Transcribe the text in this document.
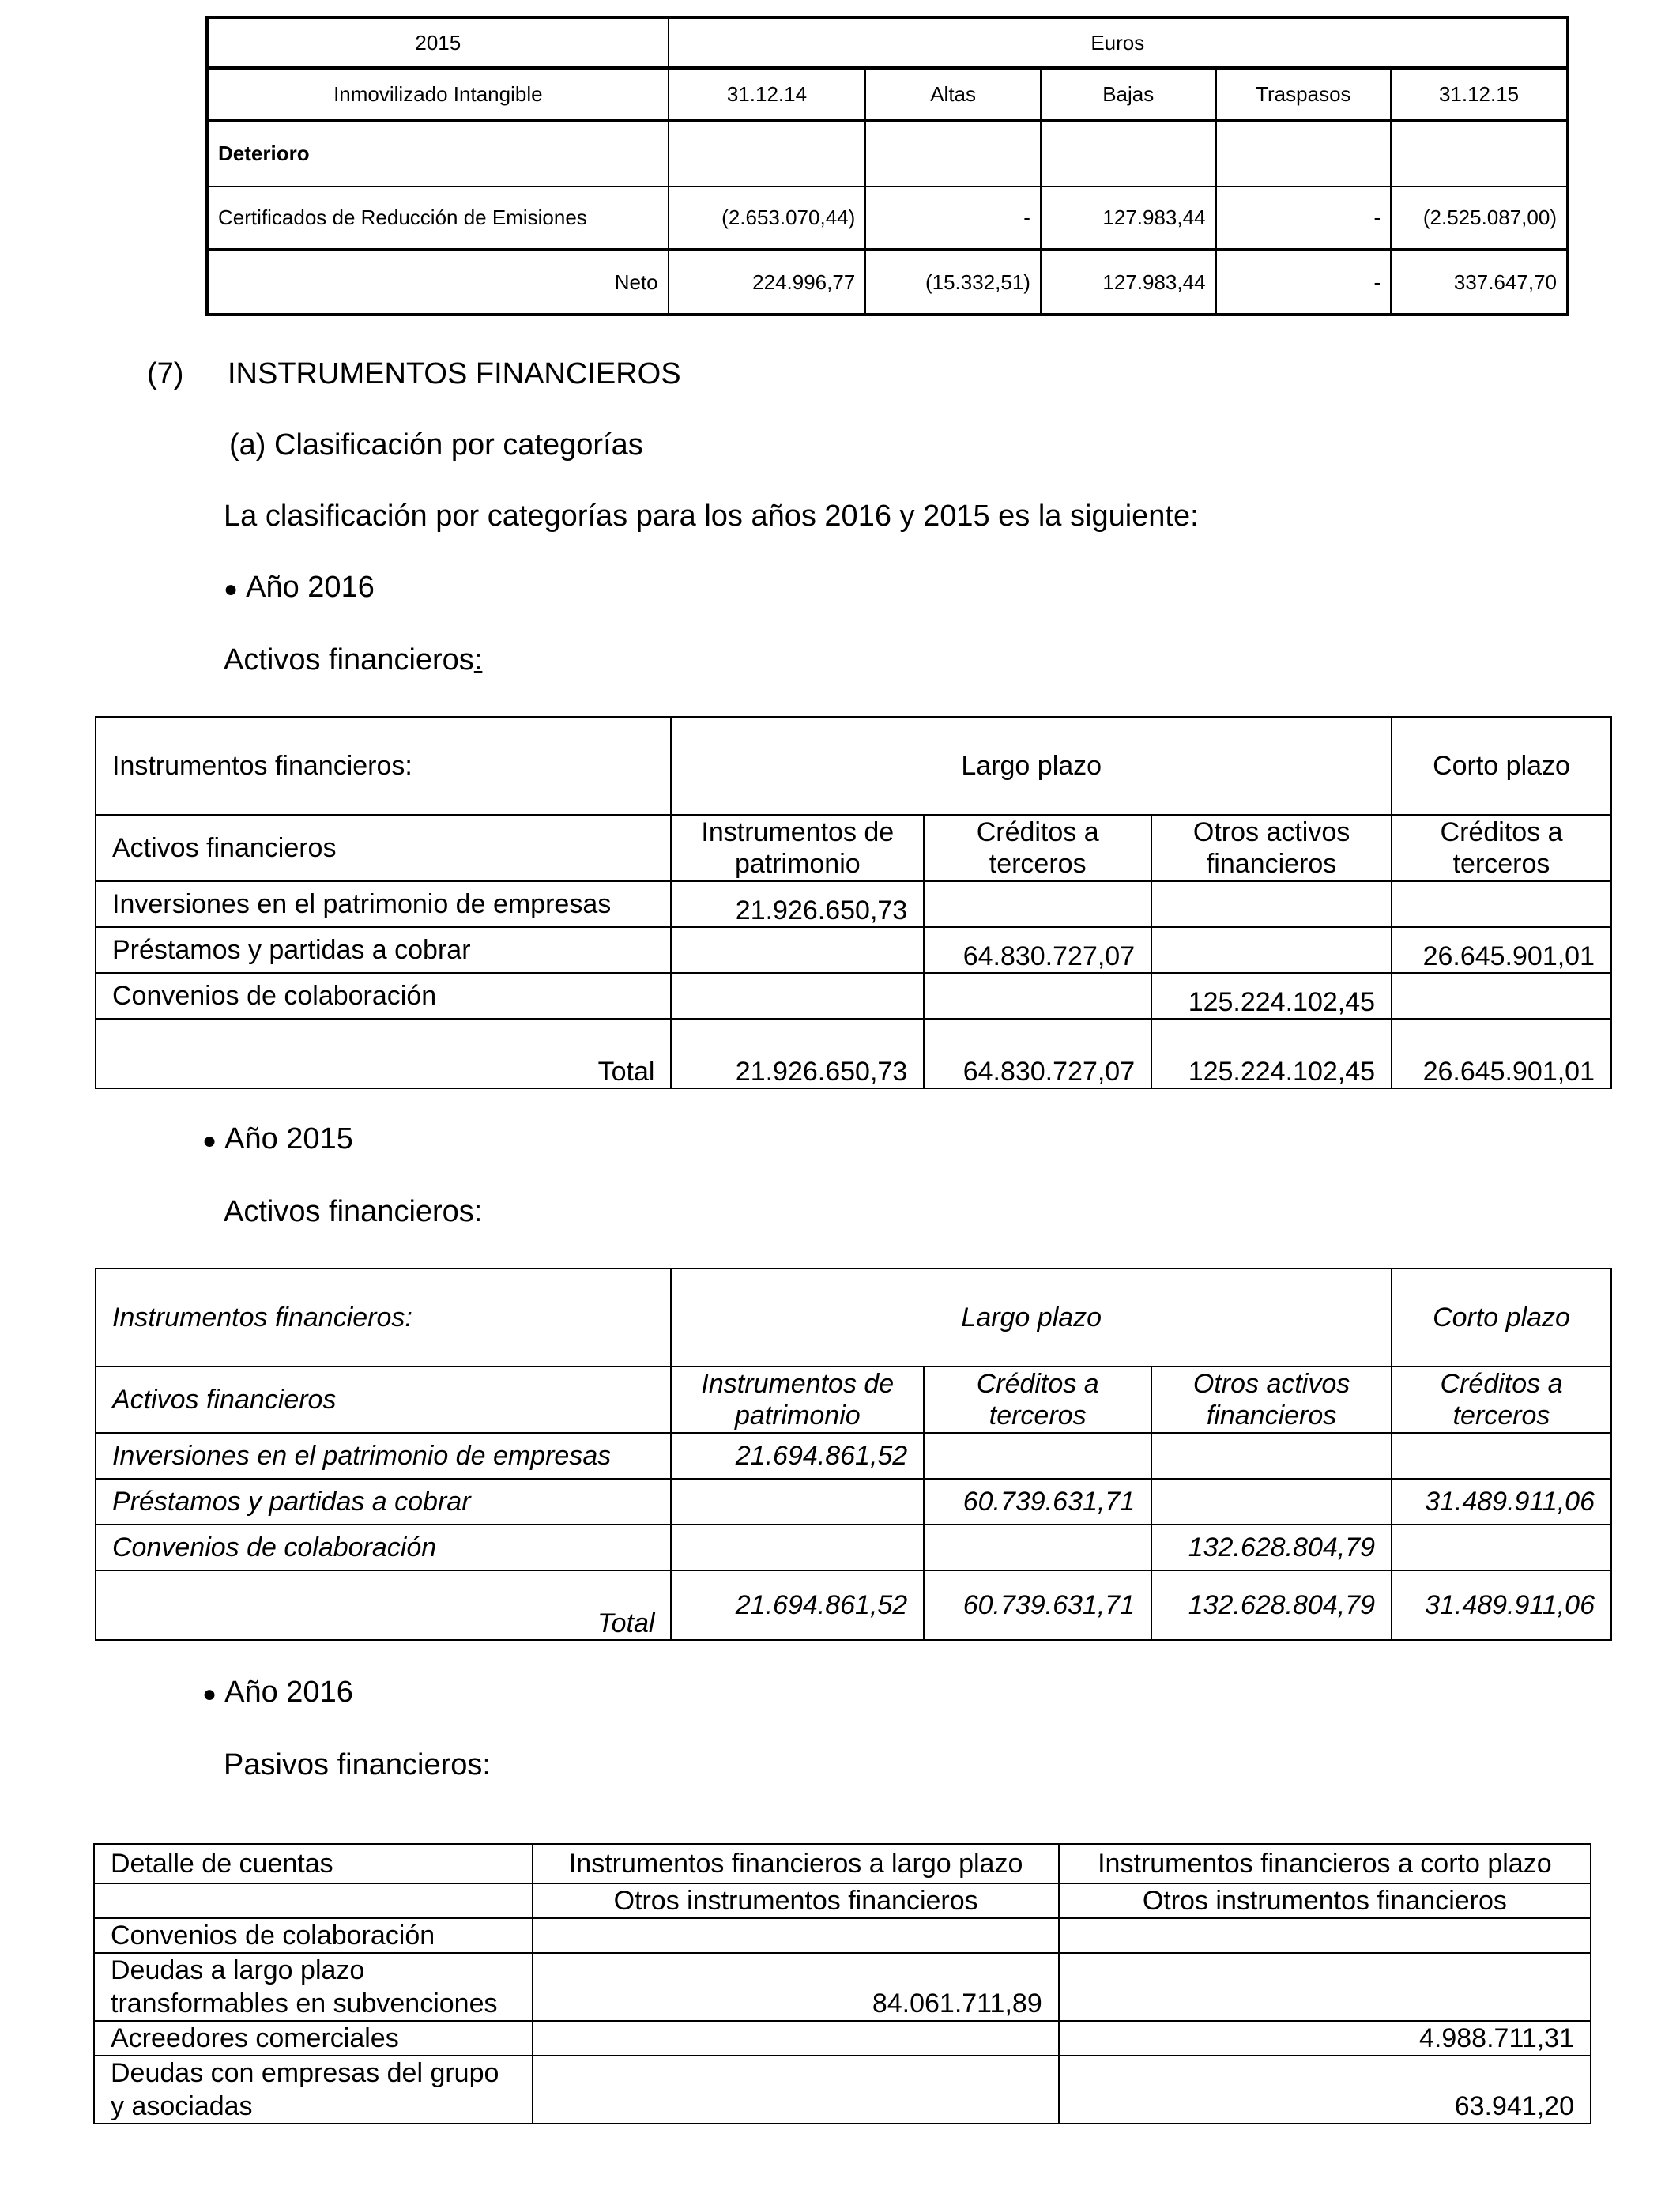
2015	Euros				
Inmovilizado Intangible	31.12.14	Altas	Bajas	Traspasos	31.12.15
Deterioro					
Certificados de Reducción de Emisiones	(2.653.070,44)	-	127.983,44	-	(2.525.087,00)
Neto	224.996,77	(15.332,51)	127.983,44	-	337.647,70
(7) INSTRUMENTOS FINANCIEROS
(a) Clasificación por categorías
La clasificación por categorías para los años 2016 y 2015 es la siguiente:
● Año 2016
Activos financieros:
Instrumentos financieros:	Largo plazo			Corto plazo
Activos financieros	Instrumentos de patrimonio	Créditos a terceros	Otros activos financieros	Créditos a terceros
Inversiones en el patrimonio de empresas	21.926.650,73			
Préstamos y partidas a cobrar		64.830.727,07		26.645.901,01
Convenios de colaboración			125.224.102,45	
Total	21.926.650,73	64.830.727,07	125.224.102,45	26.645.901,01
● Año 2015
Activos financieros:
Instrumentos financieros:	Largo plazo			Corto plazo
Activos financieros	Instrumentos de patrimonio	Créditos a terceros	Otros activos financieros	Créditos a terceros
Inversiones en el patrimonio de empresas	21.694.861,52			
Préstamos y partidas a cobrar		60.739.631,71		31.489.911,06
Convenios de colaboración			132.628.804,79	
Total	21.694.861,52	60.739.631,71	132.628.804,79	31.489.911,06
● Año 2016
Pasivos financieros:
Detalle de cuentas	Instrumentos financieros a largo plazo	Instrumentos financieros a corto plazo
	Otros instrumentos financieros	Otros instrumentos financieros
Convenios de colaboración		
Deudas a largo plazo transformables en subvenciones	84.061.711,89	
Acreedores comerciales		4.988.711,31
Deudas con empresas del grupo y asociadas		63.941,20
